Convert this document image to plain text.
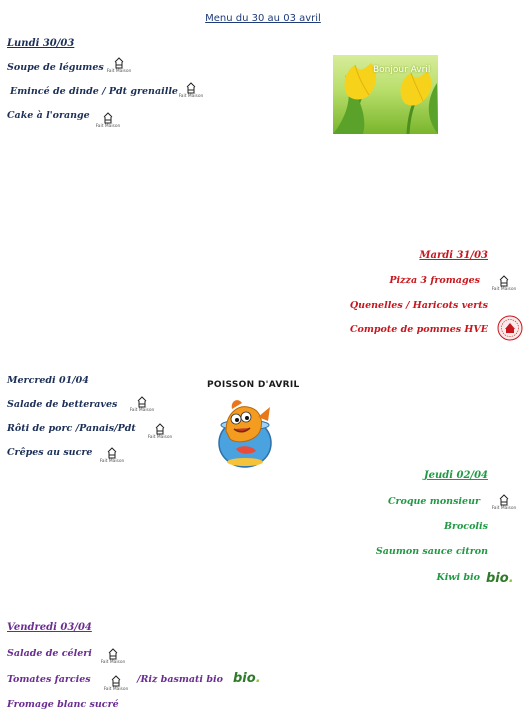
Menu du 30 au 03 avril
Lundi 30/03
Soupe de légumes Fait Maison
Emincé de dinde / Pdt grenaille Fait Maison
Cake à l'orange
Fait Maison
Bonjour Avril
Mardi 31/03
Pizza 3 fromages
Fait Maison
Quenelles / Haricots verts
Compote de pommes HVE
Mercredi 01/04
Salade de betteraves
Fait Maison
Rôti de porc /Panais/Pdt
Fait Maison
Crêpes au sucre
Fait Maison
POISSON D'AVRIL
Jeudi 02/04
Croque monsieur
Fait Maison
Brocolis
Saumon sauce citron
Kiwi bio bio.
Vendredi 03/04
Salade de céleri
Fait Maison
Tomates farcies
Fait Maison
/Riz basmati bio bio.
Fromage blanc sucré
